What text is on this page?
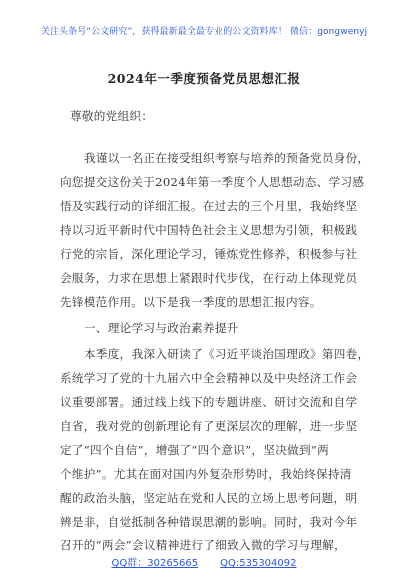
关注头条号“公文研究”，获得最新最全最专业的公文资料库！ 微信：gongwenyj
2024年一季度预备党员思想汇报
尊敬的党组织：
我谨以一名正在接受组织考察与培养的预备党员身份，
向您提交这份关于2024年第一季度个人思想动态、学习感
悟及实践行动的详细汇报。在过去的三个月里，我始终坚
持以习近平新时代中国特色社会主义思想为引领，积极践
行党的宗旨，深化理论学习，锤炼党性修养，积极参与社
会服务，力求在思想上紧跟时代步伐，在行动上体现党员
先锋模范作用。以下是我一季度的思想汇报内容。
一、理论学习与政治素养提升
本季度，我深入研读了《习近平谈治国理政》第四卷，
系统学习了党的十九届六中全会精神以及中央经济工作会
议重要部署。通过线上线下的专题讲座、研讨交流和自学
自省，我对党的创新理论有了更深层次的理解，进一步坚
定了“四个自信”，增强了“四个意识”，坚决做到“两
个维护”。尤其在面对国内外复杂形势时，我始终保持清
醒的政治头脑，坚定站在党和人民的立场上思考问题，明
辨是非，自觉抵制各种错误思潮的影响。同时，我对今年
召开的“两会”会议精神进行了细致入微的学习与理解，
QQ群：30265665 QQ:535304092
